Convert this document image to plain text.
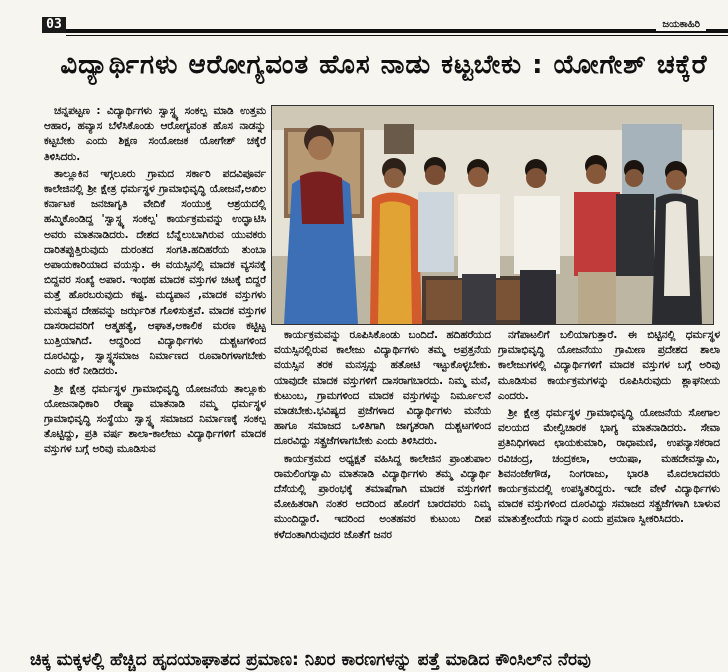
03	ಜಯಕಾಹಿರಿ
ವಿದ್ಯಾರ್ಥಿಗಳು ಆರೋಗ್ಯವಂತ ಹೊಸ ನಾಡು ಕಟ್ಟಬೇಕು : ಯೋಗೇಶ್ ಚಕ್ಕೆರೆ

ಚನ್ನಪಟ್ಟಣ : ವಿದ್ಯಾರ್ಥಿಗಳು ಸ್ವಾಸ್ಥ್ಯ ಸಂಕಲ್ಪ ಮಾಡಿ ಉತ್ತಮ ಆಹಾರ, ಹವ್ಯಾಸ ಬೆಳೆಸಿಕೊಂಡು ಆರೋಗ್ಯವಂತ ಹೊಸ ನಾಡನ್ನು ಕಟ್ಟಬೇಕು ಎಂದು ಶಿಕ್ಷಣ ಸಂಯೋಜಕ ಯೋಗೇಶ್ ಚಕ್ಕೆರೆ ತಿಳಿಸಿದರು.

ತಾಲ್ಲೂಕಿನ ಇಗ್ಗಲೂರು ಗ್ರಾಮದ ಸರ್ಕಾರಿ ಪದವಿಪೂರ್ವ ಕಾಲೇಜಿನಲ್ಲಿ ಶ್ರೀ ಕ್ಷೇತ್ರ ಧರ್ಮಸ್ಥಳ ಗ್ರಾಮಾಭಿವೃದ್ಧಿ ಯೋಜನೆ,ಅಖಿಲ ಕರ್ನಾಟಕ ಜನಜಾಗೃತಿ ವೇದಿಕೆ ಸಂಯುಕ್ತ ಆಶ್ರಯದಲ್ಲಿ ಹಮ್ಮಿಕೊಂಡಿದ್ದ 'ಸ್ವಾಸ್ಥ್ಯ ಸಂಕಲ್ಪ' ಕಾರ್ಯಕ್ರಮವನ್ನು ಉದ್ಘಾಟಿಸಿ ಅವರು ಮಾತನಾಡಿದರು. ದೇಶದ ಬೆನ್ನೆಲುಬಾಗಿರುವ ಯುವಕರು ದಾರಿತಪ್ಪುತ್ತಿರುವುದು ದುರಂತದ ಸಂಗತಿ.ಹದಿಹರೆಯ ತುಂಬಾ ಅಪಾಯಕಾರಿಯಾದ ವಯಸ್ಸು. ಈ ವಯಸ್ಸಿನಲ್ಲಿ ಮಾದಕ ವ್ಯಸನಕ್ಕೆ ಬಿದ್ದವರ ಸಂಖ್ಯೆ ಅಪಾರ. ಇಂಥಹ ಮಾದಕ ವಸ್ತುಗಳ ಚಟಕ್ಕೆ ಬಿದ್ದರೆ ಮತ್ತೆ ಹೊರಬರುವುದು ಕಷ್ಟ. ಮದ್ಯಪಾನ ,ಮಾದಕ ವಸ್ತುಗಳು ಮನುಷ್ಯನ ದೇಹವನ್ನು ಜರ್ಝರಿತ ಗೊಳಿಸುತ್ತವೆ. ಮಾದಕ ವಸ್ತುಗಳ ದಾಸರಾದವರಿಗೆ ಆತ್ಮಹತ್ಯೆ, ಆಘಾತ,ಅಕಾಲಿಕ ಮರಣ ಕಟ್ಟಿಟ್ಟ ಬುತ್ತಿಯಾಗಿದೆ. ಆದ್ದರಿಂದ ವಿದ್ಯಾರ್ಥಿಗಳು ದುಶ್ಚಟಗಳಿಂದ ದೂರವಿದ್ದು, ಸ್ವಾಸ್ಥ್ಯಸಮಾಜ ನಿರ್ಮಾಣದ ರೂವಾರಿಗಳಾಗಬೇಕು ಎಂದು ಕರೆ ನೀಡಿದರು.

ಶ್ರೀ ಕ್ಷೇತ್ರ ಧರ್ಮಸ್ಥಳ ಗ್ರಾಮಾಭಿವೃದ್ಧಿ ಯೋಜನೆಯ ತಾಲ್ಲೂಕು ಯೋಜನಾಧಿಕಾರಿ ರೇಷ್ಮಾ ಮಾತನಾಡಿ ನಮ್ಮ ಧರ್ಮಸ್ಥಳ ಗ್ರಾಮಾಭಿವೃದ್ಧಿ ಸಂಸ್ಥೆಯು ಸ್ವಾಸ್ಥ್ಯ ಸಮಾಜದ ನಿರ್ಮಾಣಕ್ಕೆ ಸಂಕಲ್ಪ ತೊಟ್ಟಿದ್ದು, ಪ್ರತಿ ವರ್ಷ ಶಾಲಾ-ಕಾಲೇಜು ವಿದ್ಯಾರ್ಥಿಗಳಿಗೆ ಮಾದಕ ವಸ್ತುಗಳ ಬಗ್ಗೆ ಅರಿವು ಮೂಡಿಸುವ

ಕಾರ್ಯಕ್ರಮವನ್ನು ರೂಪಿಸಿಕೊಂಡು ಬಂದಿದೆ. ಹದಿಹರೆಯದ ವಯಸ್ಸಿನಲ್ಲಿರುವ ಕಾಲೇಜು ವಿದ್ಯಾರ್ಥಿಗಳು ತಮ್ಮ ಅಪ್ರತ್ತನೆಯ ವಯಸ್ಸಿನ ತರಕ ಮನಸ್ಸನ್ನು ಹತೋಟಿ ಇಟ್ಟುಕೊಳ್ಳಬೇಕು. ಯಾವುದೇ ಮಾದಕ ವಸ್ತುಗಳಿಗೆ ದಾಸರಾಗಬಾರದು. ನಿಮ್ಮ ಮನೆ, ಕುಟುಂಬ, ಗ್ರಾಮಗಳಿಂದ ಮಾದಕ ವಸ್ತುಗಳನ್ನು ನಿರ್ಮೂಲನೆ ಮಾಡಬೇಕು.ಭವಿಷ್ಯದ ಪ್ರಜೆಗಳಾದ ವಿದ್ಯಾರ್ಥಿಗಳು ಮನೆಯ ಹಾಗೂ ಸಮಾಜದ ಒಳಿತಿಗಾಗಿ ಜಾಗೃತರಾಗಿ ದುಶ್ಚಟಗಳಿಂದ ದೂರವಿದ್ದು ಸತ್ಪ್ರಜೆಗಳಾಗಬೇಕು ಎಂದು ತಿಳಿಸಿದರು.

ಕಾರ್ಯಕ್ರಮದ ಅಧ್ಯಕ್ಷತೆ ವಹಿಸಿದ್ದ ಕಾಲೇಜಿನ ಪ್ರಾಂಶುಪಾಲ ರಾಮಲಿಂಗಸ್ವಾಮಿ ಮಾತನಾಡಿ ವಿದ್ಯಾರ್ಥಿಗಳು ತಮ್ಮ ವಿದ್ಯಾರ್ಥಿ ದೆಸೆಯಲ್ಲಿ ಪ್ರಾರಂಭಕ್ಕೆ ತಮಾಷೆಗಾಗಿ ಮಾದಕ ವಸ್ತುಗಳಿಗೆ ಮೋಹಿತರಾಗಿ ನಂತರ ಅದರಿಂದ ಹೊರಗೆ ಬಾರದವರು ನಿಮ್ಮ ಮುಂದಿದ್ದಾರೆ. ಇದರಿಂದ ಅಂತಹವರ ಕುಟುಂಬ ದೀಪ ಕಳೆದಂತಾಗಿರುವುದರ ಜೊತೆಗೆ ಜನರ

ನಗೆಪಾಟಲಿಗೆ ಬಲಿಯಾಗುತ್ತಾರೆ. ಈ ಬಿಟ್ಟಿನಲ್ಲಿ ಧರ್ಮಸ್ಥಳ ಗ್ರಾಮಾಭಿವೃದ್ಧಿ ಯೋಜನೆಯು ಗ್ರಾಮೀಣ ಪ್ರದೇಶದ ಶಾಲಾ ಕಾಲೇಜುಗಳಲ್ಲಿ ವಿದ್ಯಾರ್ಥಿಗಳಿಗೆ ಮಾದಕ ವಸ್ತುಗಳ ಬಗ್ಗೆ ಅರಿವು ಮೂಡಿಸುವ ಕಾರ್ಯಕ್ರಮಗಳನ್ನು ರೂಪಿಸಿರುವುದು ಶ್ಲಾಘನೀಯ ಎಂದರು.

ಶ್ರೀ ಕ್ಷೇತ್ರ ಧರ್ಮಸ್ಥಳ ಗ್ರಾಮಾಭಿವೃದ್ಧಿ ಯೋಜನೆಯ ಸೋಗಾಲ ವಲಯದ ಮೇಲ್ವಿಚಾರಕ ಭಾಗ್ಯ ಮಾತನಾಡಿದರು. ಸೇವಾ ಪ್ರತಿನಿಧಿಗಳಾದ ಛಾಯಕುಮಾರಿ, ರಾಧಾಮಣಿ, ಉಪನ್ಯಾಸಕರಾದ ರವಿಚಂದ್ರ, ಚಂದ್ರಕಲಾ, ಆಯಿಷಾ, ಮಹದೇವಸ್ವಾಮಿ, ಶಿವನಂಜೇಗೌಡ, ನಿಂಗರಾಜು, ಭಾರತಿ ಮೊದಲಾದವರು ಕಾರ್ಯಕ್ರಮದಲ್ಲಿ ಉಪಸ್ಥಿತರಿದ್ದರು. ಇದೇ ವೇಳೆ ವಿದ್ಯಾರ್ಥಿಗಳು ಮಾದಕ ವಸ್ತುಗಳಿಂದ ದೂರವಿದ್ದು ಸಮಾಜದ ಸತ್ಪ್ರಜೆಗಳಾಗಿ ಬಾಳುವ ಮಾತುತ್ತೇಂದೆಯ ಗನ್ನಾರ ಎಂದು ಪ್ರಮಾಣ ಸ್ವೀಕರಿಸಿದರು.

ಚಿಕ್ಕ ಮಕ್ಕಳಲ್ಲಿ ಹೆಚ್ಚಿದ ಹೃದಯಾಘಾತದ ಪ್ರಮಾಣ: ನಿಖರ ಕಾರಣಗಳನ್ನು ಪತ್ತೆ ಮಾಡಿದ ಕೌಂಸಿಲ್‌ನ ನೆರವು
